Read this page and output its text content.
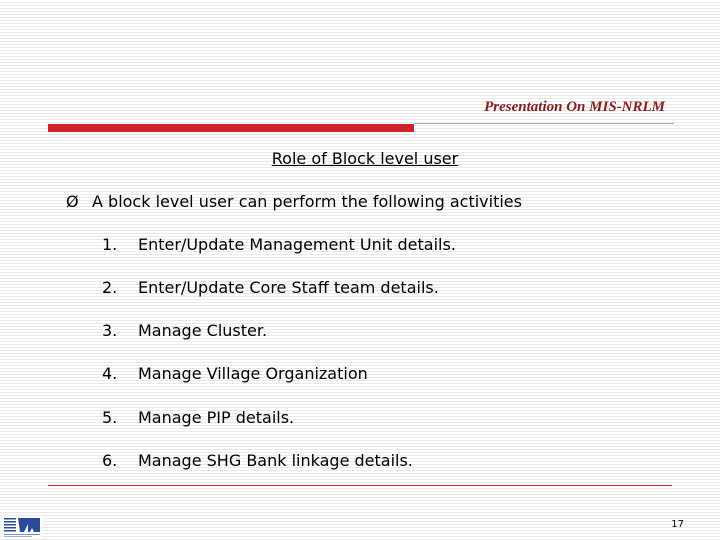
Presentation On MIS-NRLM
Role of Block level user
Ø A block level user can perform the following activities
1. Enter/Update Management Unit details.
2. Enter/Update Core Staff team details.
3. Manage Cluster.
4. Manage Village Organization
5. Manage PIP details.
6. Manage SHG Bank linkage details.
17
